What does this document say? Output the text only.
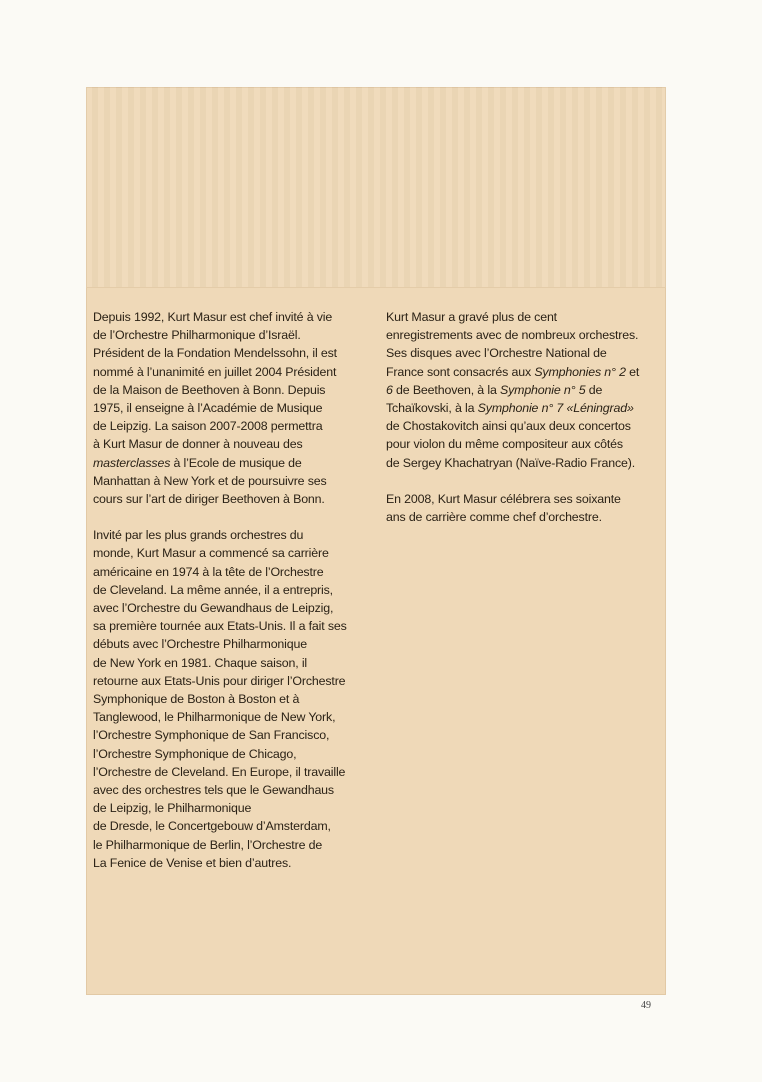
Depuis 1992, Kurt Masur est chef invité à vie
de l’Orchestre Philharmonique d’Israël.
Président de la Fondation Mendelssohn, il est
nommé à l’unanimité en juillet 2004 Président
de la Maison de Beethoven à Bonn. Depuis
1975, il enseigne à l’Académie de Musique
de Leipzig. La saison 2007-2008 permettra
à Kurt Masur de donner à nouveau des
masterclasses à l’Ecole de musique de
Manhattan à New York et de poursuivre ses
cours sur l’art de diriger Beethoven à Bonn.

Invité par les plus grands orchestres du
monde, Kurt Masur a commencé sa carrière
américaine en 1974 à la tête de l’Orchestre
de Cleveland. La même année, il a entrepris,
avec l’Orchestre du Gewandhaus de Leipzig,
sa première tournée aux Etats-Unis. Il a fait ses
débuts avec l’Orchestre Philharmonique
de New York en 1981. Chaque saison, il
retourne aux Etats-Unis pour diriger l’Orchestre
Symphonique de Boston à Boston et à
Tanglewood, le Philharmonique de New York,
l’Orchestre Symphonique de San Francisco,
l’Orchestre Symphonique de Chicago,
l’Orchestre de Cleveland. En Europe, il travaille
avec des orchestres tels que le Gewandhaus
de Leipzig, le Philharmonique
de Dresde, le Concertgebouw d’Amsterdam,
le Philharmonique de Berlin, l’Orchestre de
La Fenice de Venise et bien d’autres.

Kurt Masur a gravé plus de cent
enregistrements avec de nombreux orchestres.
Ses disques avec l’Orchestre National de
France sont consacrés aux Symphonies n° 2 et
6 de Beethoven, à la Symphonie n° 5 de
Tchaïkovski, à la Symphonie n° 7 «Léningrad»
de Chostakovitch ainsi qu’aux deux concertos
pour violon du même compositeur aux côtés
de Sergey Khachatryan (Naïve-Radio France).

En 2008, Kurt Masur célébrera ses soixante
ans de carrière comme chef d’orchestre.

49
